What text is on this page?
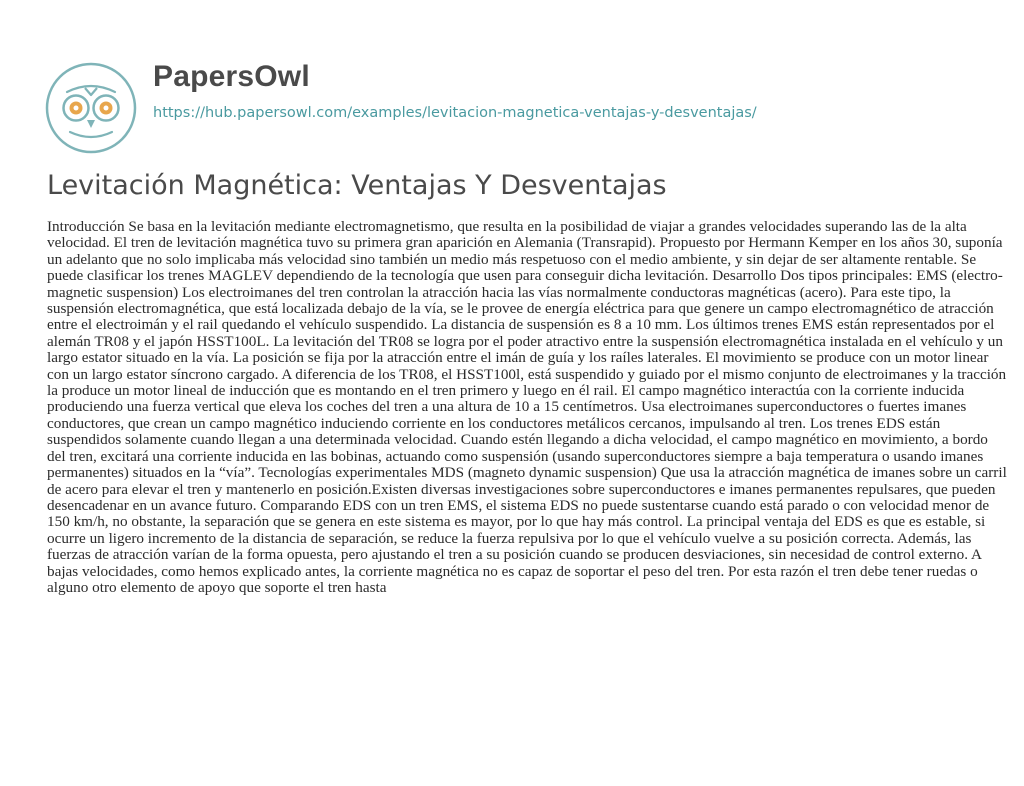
PapersOwl
https://hub.papersowl.com/examples/levitacion-magnetica-ventajas-y-desventajas/
Levitación Magnética: Ventajas Y Desventajas

Introducción Se basa en la levitación mediante electromagnetismo, que resulta en la posibilidad de viajar a grandes velocidades superando las de la alta velocidad. El tren de levitación magnética tuvo su primera gran aparición en Alemania (Transrapid). Propuesto por Hermann Kemper en los años 30, suponía un adelanto que no solo implicaba más velocidad sino también un medio más respetuoso con el medio ambiente, y sin dejar de ser altamente rentable. Se puede clasificar los trenes MAGLEV dependiendo de la tecnología que usen para conseguir dicha levitación. Desarrollo Dos tipos principales: EMS (electro-magnetic suspension) Los electroimanes del tren controlan la atracción hacia las vías normalmente conductoras magnéticas (acero). Para este tipo, la suspensión electromagnética, que está localizada debajo de la vía, se le provee de energía eléctrica para que genere un campo electromagnético de atracción entre el electroimán y el rail quedando el vehículo suspendido. La distancia de suspensión es 8 a 10 mm. Los últimos trenes EMS están representados por el alemán TR08 y el japón HSST100L. La levitación del TR08 se logra por el poder atractivo entre la suspensión electromagnética instalada en el vehículo y un largo estator situado en la vía. La posición se fija por la atracción entre el imán de guía y los raíles laterales. El movimiento se produce con un motor linear con un largo estator síncrono cargado. A diferencia de los TR08, el HSST100l, está suspendido y guiado por el mismo conjunto de electroimanes y la tracción la produce un motor lineal de inducción que es montando en el tren primero y luego en él rail. El campo magnético interactúa con la corriente inducida produciendo una fuerza vertical que eleva los coches del tren a una altura de 10 a 15 centímetros. Usa electroimanes superconductores o fuertes imanes conductores, que crean un campo magnético induciendo corriente en los conductores metálicos cercanos, impulsando al tren. Los trenes EDS están suspendidos solamente cuando llegan a una determinada velocidad. Cuando estén llegando a dicha velocidad, el campo magnético en movimiento, a bordo del tren, excitará una corriente inducida en las bobinas, actuando como suspensión (usando superconductores siempre a baja temperatura o usando imanes permanentes) situados en la “vía”. Tecnologías experimentales MDS (magneto dynamic suspension) Que usa la atracción magnética de imanes sobre un carril de acero para elevar el tren y mantenerlo en posición.Existen diversas investigaciones sobre superconductores e imanes permanentes repulsares, que pueden desencadenar en un avance futuro. Comparando EDS con un tren EMS, el sistema EDS no puede sustentarse cuando está parado o con velocidad menor de 150 km/h, no obstante, la separación que se genera en este sistema es mayor, por lo que hay más control. La principal ventaja del EDS es que es estable, si ocurre un ligero incremento de la distancia de separación, se reduce la fuerza repulsiva por lo que el vehículo vuelve a su posición correcta. Además, las fuerzas de atracción varían de la forma opuesta, pero ajustando el tren a su posición cuando se producen desviaciones, sin necesidad de control externo. A bajas velocidades, como hemos explicado antes, la corriente magnética no es capaz de soportar el peso del tren. Por esta razón el tren debe tener ruedas o alguno otro elemento de apoyo que soporte el tren hasta
